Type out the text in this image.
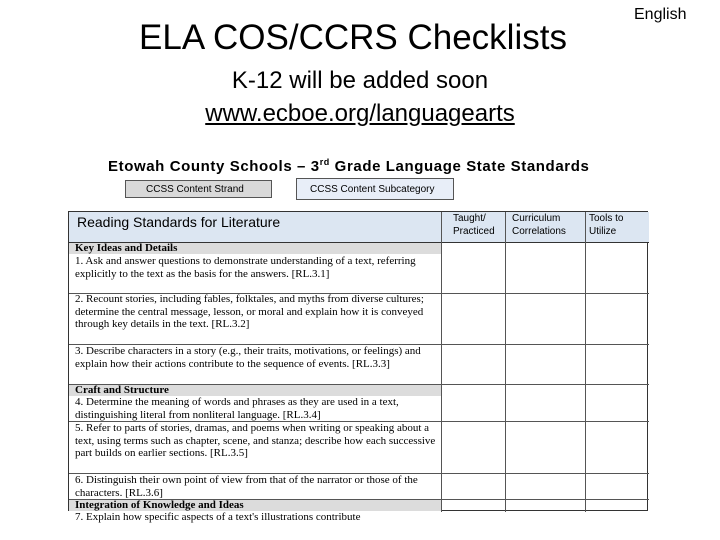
English
ELA COS/CCRS Checklists
K-12 will be added soon
www.ecboe.org/languagearts
Etowah County Schools – 3rd Grade Language State Standards
CCSS Content Strand	CCSS Content Subcategory
Reading Standards for Literature	Taught/ Practiced
Curriculum Correlations
Tools to Utilize
Key Ideas and Details
1. Ask and answer questions to demonstrate understanding of a text, referring explicitly to the text as the basis for the answers. [RL.3.1]
2. Recount stories, including fables, folktales, and myths from diverse cultures; determine the central message, lesson, or moral and explain how it is conveyed through key details in the text. [RL.3.2]
3. Describe characters in a story (e.g., their traits, motivations, or feelings) and explain how their actions contribute to the sequence of events. [RL.3.3]
Craft and Structure
4. Determine the meaning of words and phrases as they are used in a text, distinguishing literal from nonliteral language. [RL.3.4]
5. Refer to parts of stories, dramas, and poems when writing or speaking about a text, using terms such as chapter, scene, and stanza; describe how each successive part builds on earlier sections. [RL.3.5]
6. Distinguish their own point of view from that of the narrator or those of the characters. [RL.3.6]
Integration of Knowledge and Ideas
7. Explain how specific aspects of a text's illustrations contribute
